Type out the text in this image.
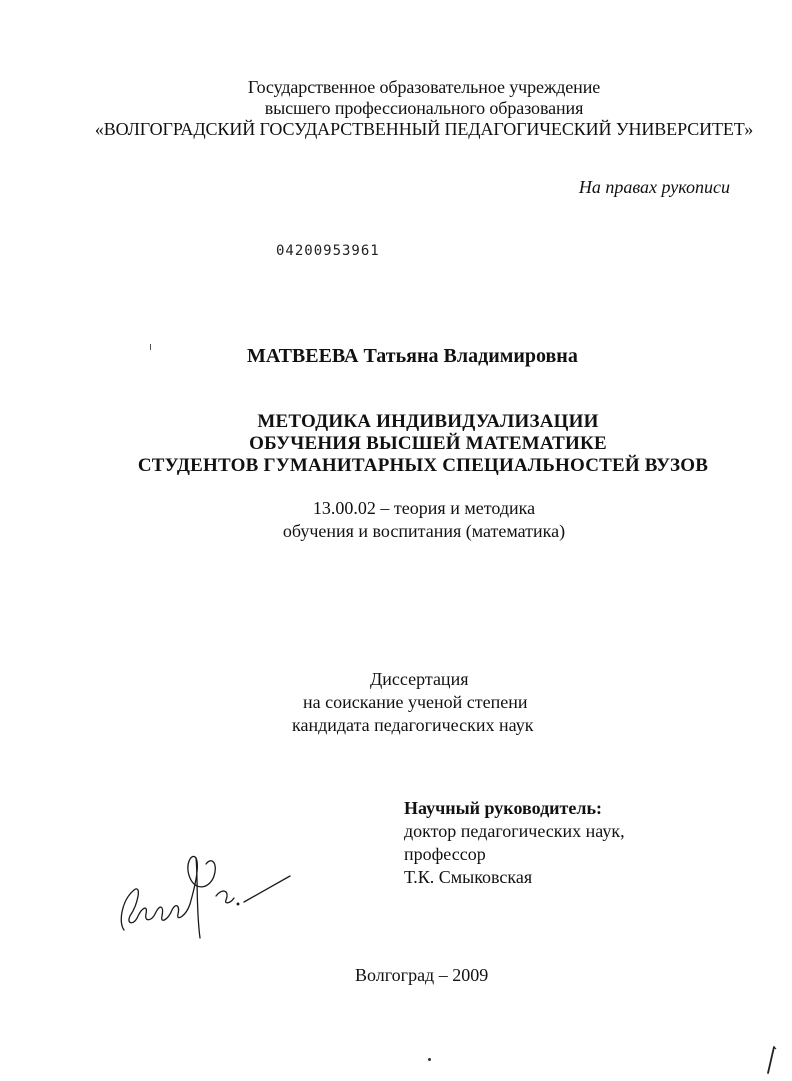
Государственное образовательное учреждение
высшего профессионального образования
«ВОЛГОГРАДСКИЙ ГОСУДАРСТВЕННЫЙ ПЕДАГОГИЧЕСКИЙ УНИВЕРСИТЕТ»
На правах рукописи
04200953961
МАТВЕЕВА Татьяна Владимировна
МЕТОДИКА ИНДИВИДУАЛИЗАЦИИ
ОБУЧЕНИЯ ВЫСШЕЙ МАТЕМАТИКЕ
СТУДЕНТОВ ГУМАНИТАРНЫХ СПЕЦИАЛЬНОСТЕЙ ВУЗОВ
13.00.02 – теория и методика
обучения и воспитания (математика)
Диссертация
на соискание ученой степени
кандидата педагогических наук
Научный руководитель:
доктор педагогических наук,
профессор
Т.К. Смыковская
Волгоград – 2009
